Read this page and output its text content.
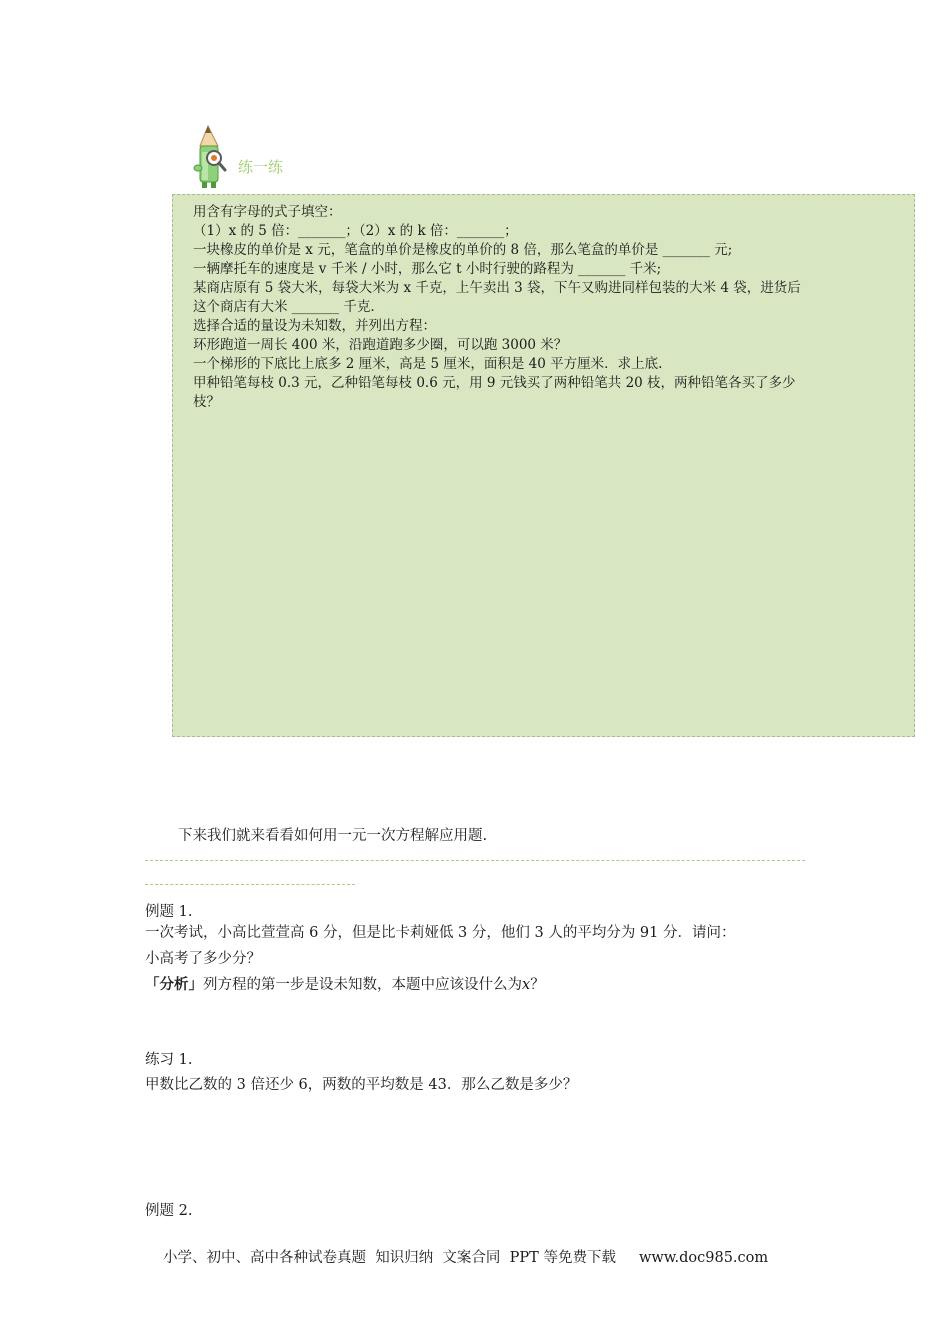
练一练
用含有字母的式子填空：
（1）x 的 5 倍：_______；（2）x 的 k 倍：_______；
一块橡皮的单价是 x 元，笔盒的单价是橡皮的单价的 8 倍，那么笔盒的单价是 _______ 元;
一辆摩托车的速度是 v 千米 / 小时，那么它 t 小时行驶的路程为 _______ 千米;
某商店原有 5 袋大米，每袋大米为 x 千克，上午卖出 3 袋，下午又购进同样包装的大米 4 袋，进货后
这个商店有大米 _______ 千克.
选择合适的量设为未知数，并列出方程：
环形跑道一周长 400 米，沿跑道跑多少圈，可以跑 3000 米？
一个梯形的下底比上底多 2 厘米，高是 5 厘米，面积是 40 平方厘米．求上底.
甲种铅笔每枝 0.3 元，乙种铅笔每枝 0.6 元，用 9 元钱买了两种铅笔共 20 枝，两种铅笔各买了多少
枝？
下来我们就来看看如何用一元一次方程解应用题.
例题 1.
一次考试，小高比萱萱高 6 分，但是比卡莉娅低 3 分，他们 3 人的平均分为 91 分．请问：
小高考了多少分？
「分析」列方程的第一步是设未知数，本题中应该设什么为x？
练习 1.
甲数比乙数的 3 倍还少 6，两数的平均数是 43．那么乙数是多少？
例题 2.
小学、初中、高中各种试卷真题  知识归纳  文案合同  PPT 等免费下载     www.doc985.com
